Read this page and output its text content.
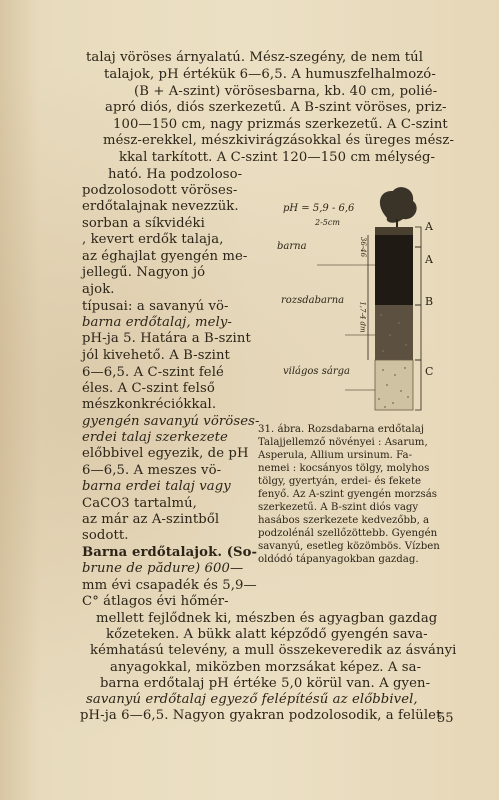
talaj vöröses árnyalatú. Mész-szegény, de nem túl
talajok, pH értékük 6—6,5. A humuszfelhalmozó-
(B + A-szint) vörösesbarna, kb. 40 cm, polié-
apró diós, diós szerkezetű. A B-szint vöröses, priz-
100—150 cm, nagy prizmás szerkezetű. A C-szint
mész-erekkel, mészkivirágzásokkal és üreges mész-
kkal tarkított. A C-szint 120—150 cm mélység-
ható. Ha podzoloso-
podzolosodott vöröses-
erdőtalajnak nevezzük.
sorban a síkvidéki
, kevert erdők talaja,
az éghajlat gyengén me-
jellegű. Nagyon jó
ajok.
típusai: a savanyú vö-
barna erdőtalaj, mely-
pH-ja 5. Határa a B-szint
jól kivehető. A B-szint
6—6,5. A C-szint felé
éles. A C-szint felső
mészkonkréciókkal.
gyengén savanyú vöröses-
erdei talaj szerkezete
előbbivel egyezik, de pH
6—6,5. A meszes vö-
barna erdei talaj vagy
CaCO3 tartalmú,
az már az A-szintből
sodott.
Barna erdőtalajok. (So-
brune de pădure) 600—
mm évi csapadék és 5,9—
C° átlagos évi hőmér-
mellett fejlődnek ki, mészben és agyagban gazdag
kőzeteken. A bükk alatt képződő gyengén sava-
kémhatású televény, a mull összekeveredik az ásványi
anyagokkal, miközben morzsákat képez. A sa-
barna erdőtalaj pH értéke 5,0 körül van. A gyen-
savanyú erdőtalaj egyező felépítésű az előbbivel,
pH-ja 6—6,5. Nagyon gyakran podzolosodik, a felület
55
pH = 5,9 - 6,6
2-5cm
barna
rozsdabarna
világos sárga
36-46
1,7-4 dm
A
A
B
C
31. ábra. Rozsdabarna erdőtalaj
Talajjellemző növényei : Asarum,
Asperula, Allium ursinum. Fa-
nemei : kocsányos tölgy, molyhos
tölgy, gyertyán, erdei- és fekete
fenyő. Az A-szint gyengén morzsás
szerkezetű. A B-szint diós vagy
hasábos szerkezete kedvezőbb, a
podzolénál szellőzöttebb. Gyengén
savanyú, esetleg közömbös. Vízben
oldódó tápanyagokban gazdag.
